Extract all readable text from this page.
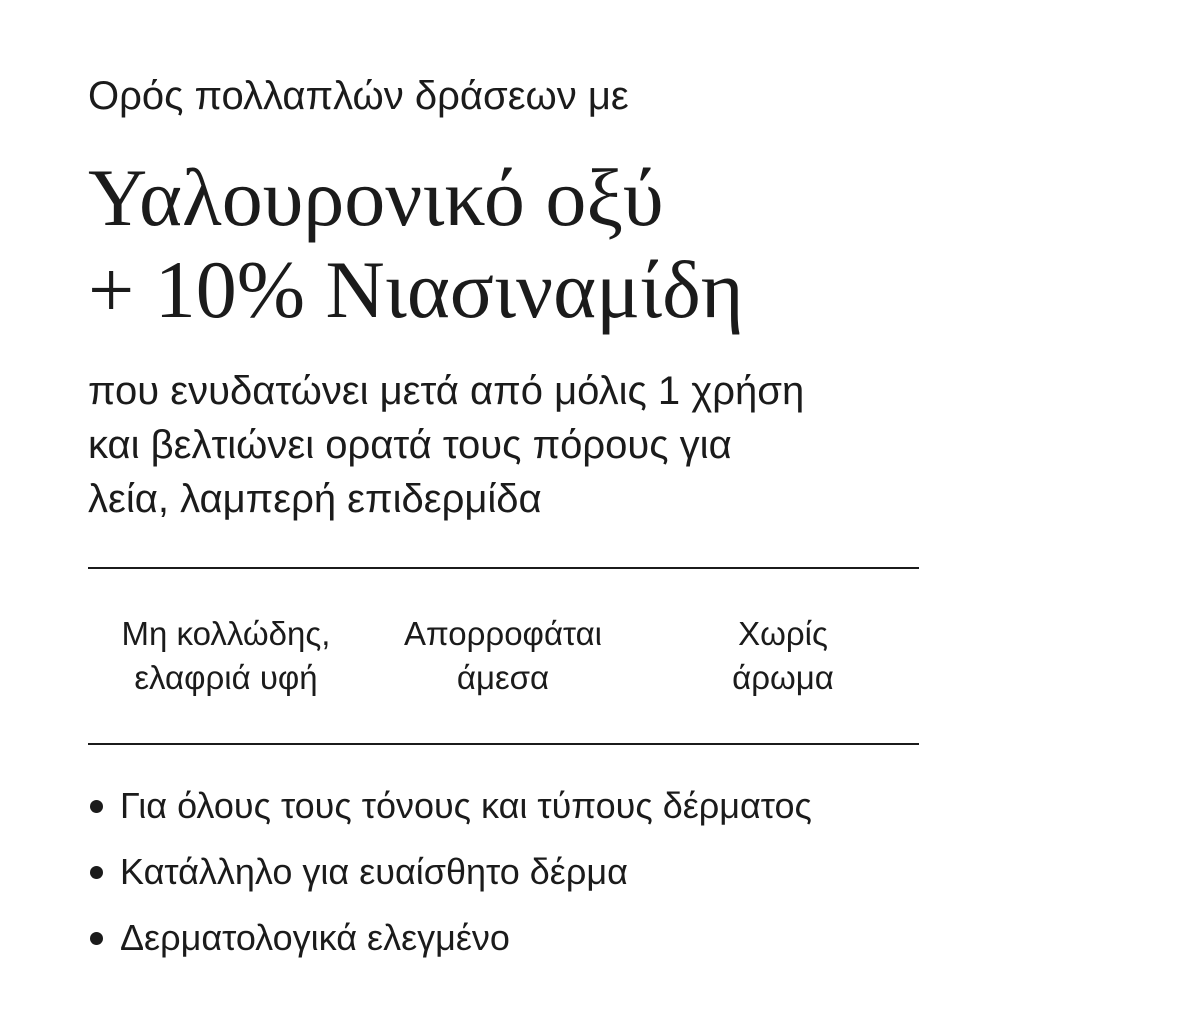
Ορός πολλαπλών δράσεων με
Υαλουρονικό οξύ
+ 10% Νιασιναμίδη
που ενυδατώνει μετά από μόλις 1 χρήση
και βελτιώνει ορατά τους πόρους για
λεία, λαμπερή επιδερμίδα
Μη κολλώδης,
ελαφριά υφή
Απορροφάται
άμεσα
Χωρίς
άρωμα
Για όλους τους τόνους και τύπους δέρματος
Κατάλληλο για ευαίσθητο δέρμα
Δερματολογικά ελεγμένο
